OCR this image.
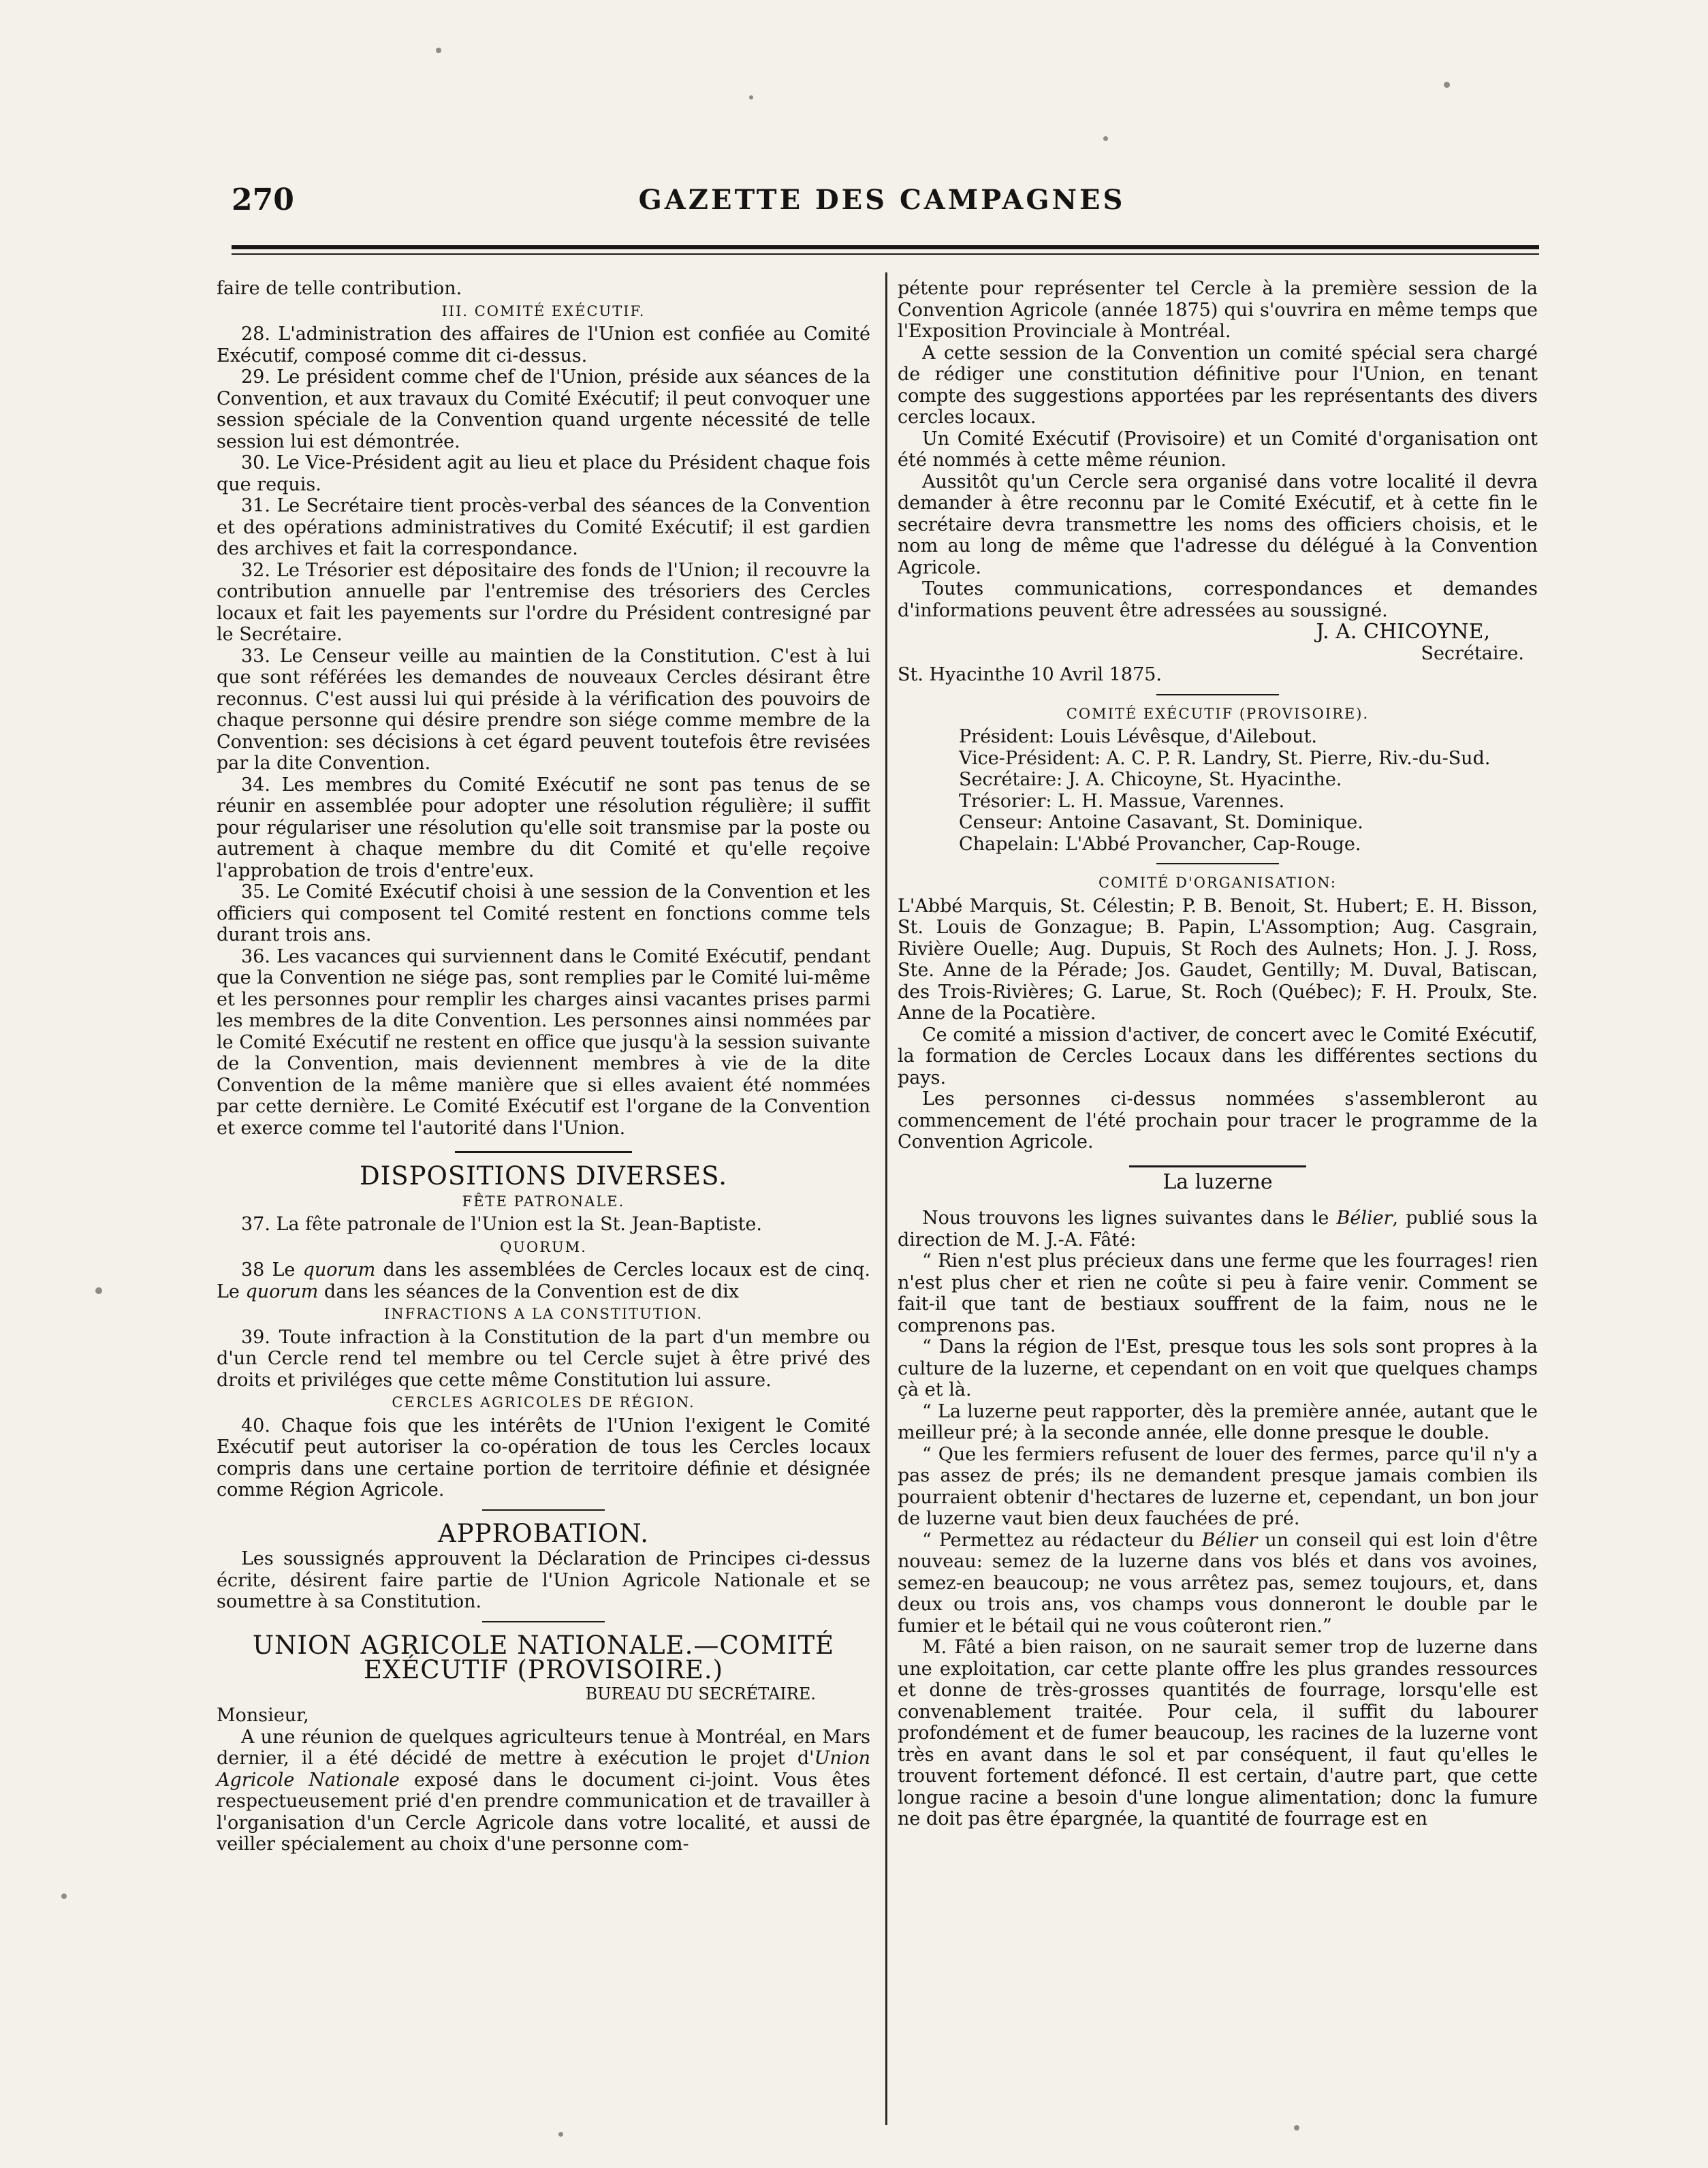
270	GAZETTE DES CAMPAGNES

faire de telle contribution.

III. COMITÉ EXÉCUTIF.

28. L'administration des affaires de l'Union est confiée au Comité Exécutif, composé comme dit ci-dessus.

29. Le président comme chef de l'Union, préside aux séances de la Convention, et aux travaux du Comité Exécutif; il peut convoquer une session spéciale de la Convention quand urgente nécessité de telle session lui est démontrée.

30. Le Vice-Président agit au lieu et place du Président chaque fois que requis.

31. Le Secrétaire tient procès-verbal des séances de la Convention et des opérations administratives du Comité Exécutif; il est gardien des archives et fait la correspondance.

32. Le Trésorier est dépositaire des fonds de l'Union; il recouvre la contribution annuelle par l'entremise des trésoriers des Cercles locaux et fait les payements sur l'ordre du Président contresigné par le Secrétaire.

33. Le Censeur veille au maintien de la Constitution. C'est à lui que sont référées les demandes de nouveaux Cercles désirant être reconnus. C'est aussi lui qui préside à la vérification des pouvoirs de chaque personne qui désire prendre son siége comme membre de la Convention: ses décisions à cet égard peuvent toutefois être revisées par la dite Convention.

34. Les membres du Comité Exécutif ne sont pas tenus de se réunir en assemblée pour adopter une résolution régulière; il suffit pour régulariser une résolution qu'elle soit transmise par la poste ou autrement à chaque membre du dit Comité et qu'elle reçoive l'approbation de trois d'entre'eux.

35. Le Comité Exécutif choisi à une session de la Convention et les officiers qui composent tel Comité restent en fonctions comme tels durant trois ans.

36. Les vacances qui surviennent dans le Comité Exécutif, pendant que la Convention ne siége pas, sont remplies par le Comité lui-même et les personnes pour remplir les charges ainsi vacantes prises parmi les membres de la dite Convention. Les personnes ainsi nommées par le Comité Exécutif ne restent en office que jusqu'à la session suivante de la Convention, mais deviennent membres à vie de la dite Convention de la même manière que si elles avaient été nommées par cette dernière. Le Comité Exécutif est l'organe de la Convention et exerce comme tel l'autorité dans l'Union.

DISPOSITIONS DIVERSES.
FÊTE PATRONALE.

37. La fête patronale de l'Union est la St. Jean-Baptiste.

QUORUM.

38 Le quorum dans les assemblées de Cercles locaux est de cinq. Le quorum dans les séances de la Convention est de dix

INFRACTIONS A LA CONSTITUTION.

39. Toute infraction à la Constitution de la part d'un membre ou d'un Cercle rend tel membre ou tel Cercle sujet à être privé des droits et priviléges que cette même Constitution lui assure.

CERCLES AGRICOLES DE RÉGION.

40. Chaque fois que les intérêts de l'Union l'exigent le Comité Exécutif peut autoriser la co-opération de tous les Cercles locaux compris dans une certaine portion de territoire définie et désignée comme Région Agricole.

APPROBATION.

Les soussignés approuvent la Déclaration de Principes ci-dessus écrite, désirent faire partie de l'Union Agricole Nationale et se soumettre à sa Constitution.

UNION AGRICOLE NATIONALE.—COMITÉ EXÉCUTIF (PROVISOIRE.)
BUREAU DU SECRÉTAIRE.

Monsieur,

A une réunion de quelques agriculteurs tenue à Montréal, en Mars dernier, il a été décidé de mettre à exécution le projet d'Union Agricole Nationale exposé dans le document ci-joint. Vous êtes respectueusement prié d'en prendre communication et de travailler à l'organisation d'un Cercle Agricole dans votre localité, et aussi de veiller spécialement au choix d'une personne com-

pétente pour représenter tel Cercle à la première session de la Convention Agricole (année 1875) qui s'ouvrira en même temps que l'Exposition Provinciale à Montréal.

A cette session de la Convention un comité spécial sera chargé de rédiger une constitution définitive pour l'Union, en tenant compte des suggestions apportées par les représentants des divers cercles locaux.

Un Comité Exécutif (Provisoire) et un Comité d'organisation ont été nommés à cette même réunion.

Aussitôt qu'un Cercle sera organisé dans votre localité il devra demander à être reconnu par le Comité Exécutif, et à cette fin le secrétaire devra transmettre les noms des officiers choisis, et le nom au long de même que l'adresse du délégué à la Convention Agricole.

Toutes communications, correspondances et demandes d'informations peuvent être adressées au soussigné.

J. A. CHICOYNE,
Secrétaire.

St. Hyacinthe 10 Avril 1875.

COMITÉ EXÉCUTIF (PROVISOIRE).

Président: Louis Lévêsque, d'Ailebout.

Vice-Président: A. C. P. R. Landry, St. Pierre, Riv.-du-Sud.

Secrétaire: J. A. Chicoyne, St. Hyacinthe.

Trésorier: L. H. Massue, Varennes.

Censeur: Antoine Casavant, St. Dominique.

Chapelain: L'Abbé Provancher, Cap-Rouge.

COMITÉ D'ORGANISATION:

L'Abbé Marquis, St. Célestin; P. B. Benoit, St. Hubert; E. H. Bisson, St. Louis de Gonzague; B. Papin, L'Assomption; Aug. Casgrain, Rivière Ouelle; Aug. Dupuis, St Roch des Aulnets; Hon. J. J. Ross, Ste. Anne de la Pérade; Jos. Gaudet, Gentilly; M. Duval, Batiscan, des Trois-Rivières; G. Larue, St. Roch (Québec); F. H. Proulx, Ste. Anne de la Pocatière.

Ce comité a mission d'activer, de concert avec le Comité Exécutif, la formation de Cercles Locaux dans les différentes sections du pays.

Les personnes ci-dessus nommées s'assembleront au commencement de l'été prochain pour tracer le programme de la Convention Agricole.

La luzerne

Nous trouvons les lignes suivantes dans le Bélier, publié sous la direction de M. J.-A. Fâté:

“ Rien n'est plus précieux dans une ferme que les fourrages! rien n'est plus cher et rien ne coûte si peu à faire venir. Comment se fait-il que tant de bestiaux souffrent de la faim, nous ne le comprenons pas.

“ Dans la région de l'Est, presque tous les sols sont propres à la culture de la luzerne, et cependant on en voit que quelques champs çà et là.

“ La luzerne peut rapporter, dès la première année, autant que le meilleur pré; à la seconde année, elle donne presque le double.

“ Que les fermiers refusent de louer des fermes, parce qu'il n'y a pas assez de prés; ils ne demandent presque jamais combien ils pourraient obtenir d'hectares de luzerne et, cependant, un bon jour de luzerne vaut bien deux fauchées de pré.

“ Permettez au rédacteur du Bélier un conseil qui est loin d'être nouveau: semez de la luzerne dans vos blés et dans vos avoines, semez-en beaucoup; ne vous arrêtez pas, semez toujours, et, dans deux ou trois ans, vos champs vous donneront le double par le fumier et le bétail qui ne vous coûteront rien.”

M. Fâté a bien raison, on ne saurait semer trop de luzerne dans une exploitation, car cette plante offre les plus grandes ressources et donne de très-grosses quantités de fourrage, lorsqu'elle est convenablement traitée. Pour cela, il suffit du labourer profondément et de fumer beaucoup, les racines de la luzerne vont très en avant dans le sol et par conséquent, il faut qu'elles le trouvent fortement défoncé. Il est certain, d'autre part, que cette longue racine a besoin d'une longue alimentation; donc la fumure ne doit pas être épargnée, la quantité de fourrage est en
